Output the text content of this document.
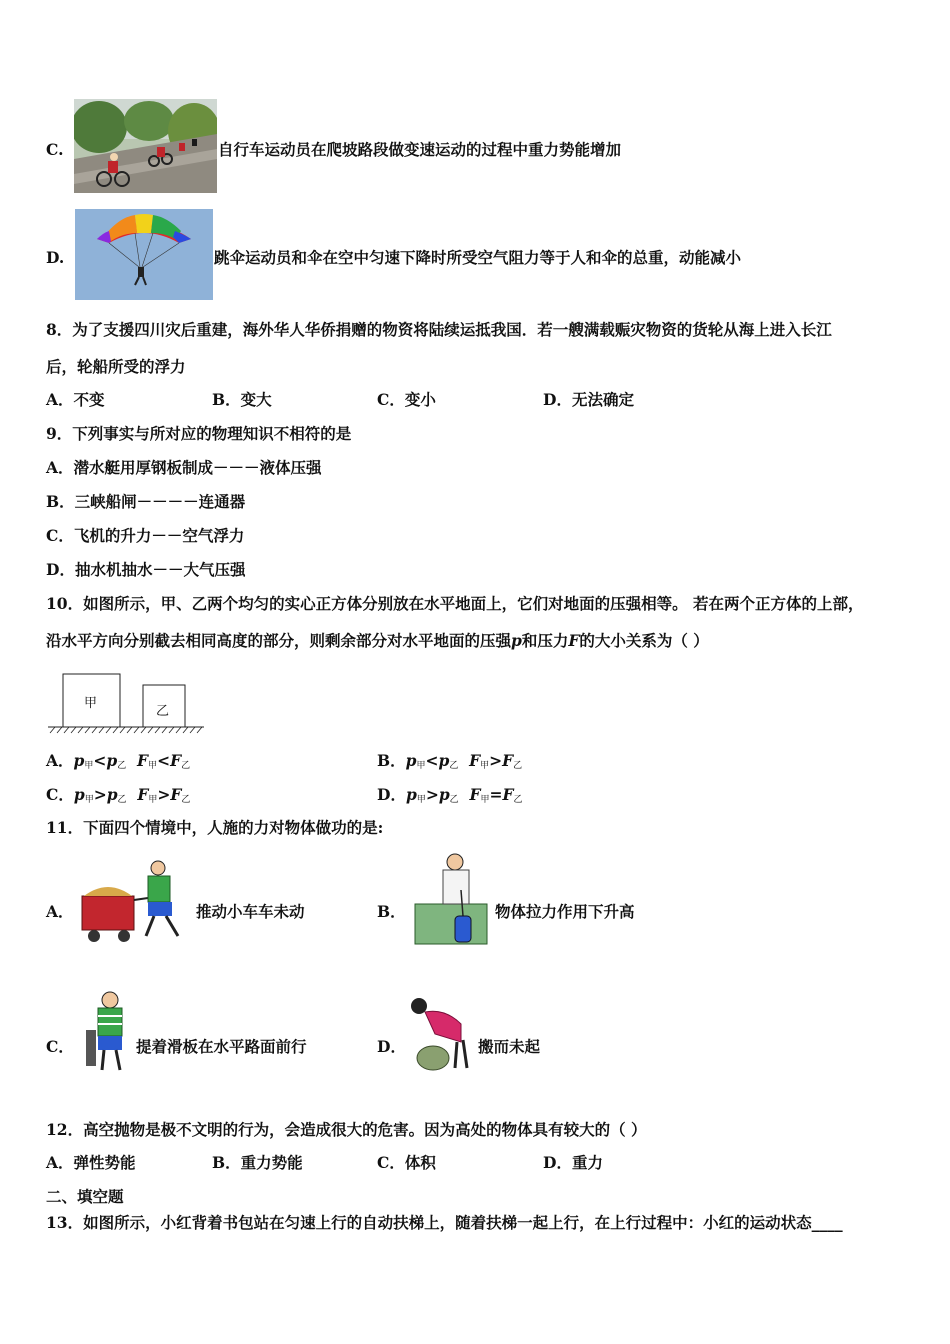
C.	自行车运动员在爬坡路段做变速运动的过程中重力势能增加
D.	跳伞运动员和伞在空中匀速下降时所受空气阻力等于人和伞的总重，动能减小
8．为了支援四川灾后重建，海外华人华侨捐赠的物资将陆续运抵我国．若一艘满载赈灾物资的货轮从海上进入长江
后，轮船所受的浮力
A．不变	B．变大	C．变小	D．无法确定
9．下列事实与所对应的物理知识不相符的是
A．潜水艇用厚钢板制成－－－液体压强
B．三峡船闸－－－－连通器
C．飞机的升力－－空气浮力
D．抽水机抽水－－大气压强
10．如图所示，甲、乙两个均匀的实心正方体分别放在水平地面上，它们对地面的压强相等。 若在两个正方体的上部，
沿水平方向分别截去相同高度的部分，则剩余部分对水平地面的压强p和压力F的大小关系为（ ）
甲
乙
A．$p_甲<p_乙$ $F_甲<F_乙$	B．$p_甲<p_乙$ $F_甲>F_乙$
C．$p_甲>p_乙$ $F_甲>F_乙$	D．$p_甲>p_乙$ $F_甲=F_乙$
11．下面四个情境中，人施的力对物体做功的是:
A．	推动小车车未动	B．	物体拉力作用下升高
C．	提着滑板在水平路面前行	D．	搬而未起
12．高空抛物是极不文明的行为，会造成很大的危害。因为高处的物体具有较大的（ ）
A．弹性势能	B．重力势能	C．体积	D．重力
二、填空题
13．如图所示，小红背着书包站在匀速上行的自动扶梯上，随着扶梯一起上行，在上行过程中：小红的运动状态____
